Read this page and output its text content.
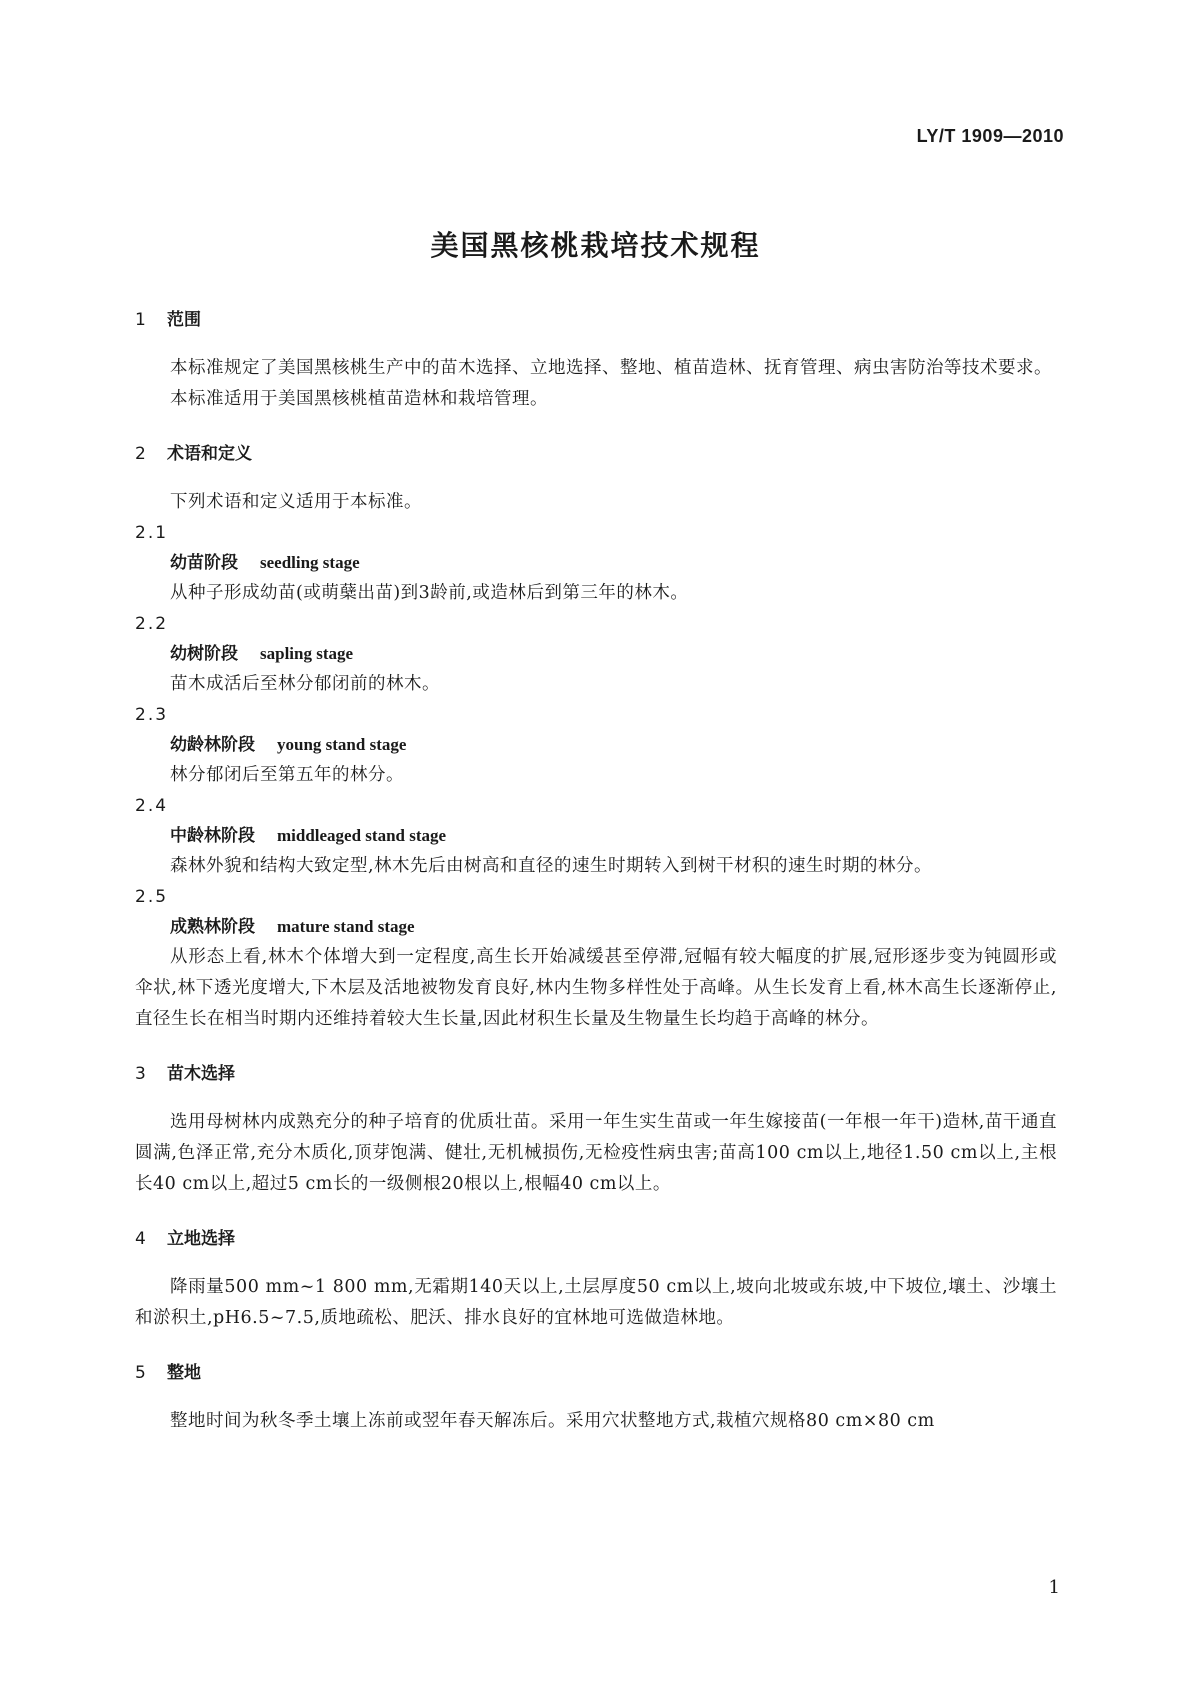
LY/T 1909—2010
美国黑核桃栽培技术规程
1 范围
本标准规定了美国黑核桃生产中的苗木选择、立地选择、整地、植苗造林、抚育管理、病虫害防治等技术要求。
本标准适用于美国黑核桃植苗造林和栽培管理。
2 术语和定义
下列术语和定义适用于本标准。
2.1
幼苗阶段 seedling stage
从种子形成幼苗(或萌蘖出苗)到3龄前,或造林后到第三年的林木。
2.2
幼树阶段 sapling stage
苗木成活后至林分郁闭前的林木。
2.3
幼龄林阶段 young stand stage
林分郁闭后至第五年的林分。
2.4
中龄林阶段 middleaged stand stage
森林外貌和结构大致定型,林木先后由树高和直径的速生时期转入到树干材积的速生时期的林分。
2.5
成熟林阶段 mature stand stage
从形态上看,林木个体增大到一定程度,高生长开始减缓甚至停滞,冠幅有较大幅度的扩展,冠形逐步变为钝圆形或伞状,林下透光度增大,下木层及活地被物发育良好,林内生物多样性处于高峰。从生长发育上看,林木高生长逐渐停止,直径生长在相当时期内还维持着较大生长量,因此材积生长量及生物量生长均趋于高峰的林分。
3 苗木选择
选用母树林内成熟充分的种子培育的优质壮苗。采用一年生实生苗或一年生嫁接苗(一年根一年干)造林,苗干通直圆满,色泽正常,充分木质化,顶芽饱满、健壮,无机械损伤,无检疫性病虫害;苗高100 cm以上,地径1.50 cm以上,主根长40 cm以上,超过5 cm长的一级侧根20根以上,根幅40 cm以上。
4 立地选择
降雨量500 mm~1 800 mm,无霜期140天以上,土层厚度50 cm以上,坡向北坡或东坡,中下坡位,壤土、沙壤土和淤积土,pH6.5~7.5,质地疏松、肥沃、排水良好的宜林地可选做造林地。
5 整地
整地时间为秋冬季土壤上冻前或翌年春天解冻后。采用穴状整地方式,栽植穴规格80 cm×80 cm
1
